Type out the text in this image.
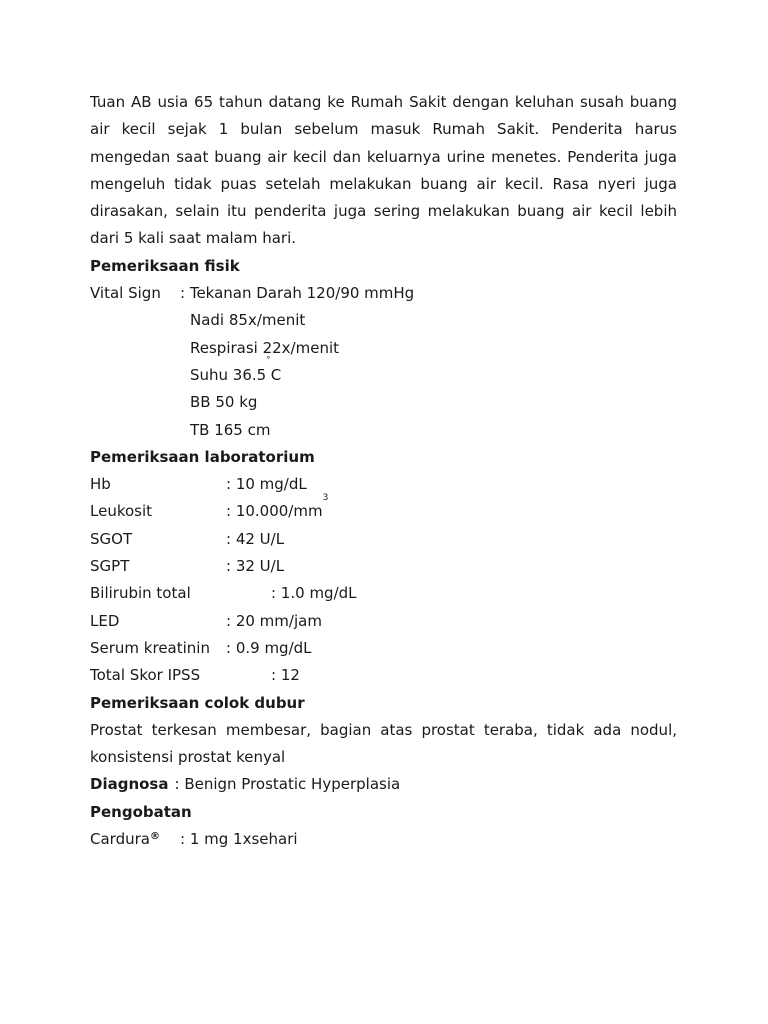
Tuan AB usia 65 tahun datang ke Rumah Sakit dengan keluhan susah buang air kecil sejak 1 bulan sebelum masuk Rumah Sakit. Penderita harus mengedan saat buang air kecil dan keluarnya urine menetes. Penderita juga mengeluh tidak puas setelah melakukan buang air kecil. Rasa nyeri juga dirasakan, selain itu penderita juga sering melakukan buang air kecil lebih dari 5 kali saat malam hari.

Pemeriksaan fisik

Vital Sign	: Tekanan Darah 120/90 mmHg
Nadi 85x/menit
Respirasi 22x/menit
Suhu 36.5
˚
C
BB 50 kg
TB 165 cm

Pemeriksaan laboratorium

Hb	: 10 mg/dL
Leukosit	: 10.000/mm
3
SGOT	: 42 U/L
SGPT	: 32 U/L
Bilirubin total	: 1.0 mg/dL
LED	: 20 mm/jam
Serum kreatinin	: 0.9 mg/dL
Total Skor IPSS	: 12

Pemeriksaan colok dubur

Prostat terkesan membesar, bagian atas prostat teraba, tidak ada nodul, konsistensi prostat kenyal

Diagnosa : Benign Prostatic Hyperplasia

Pengobatan

Cardura®	: 1 mg 1xsehari
